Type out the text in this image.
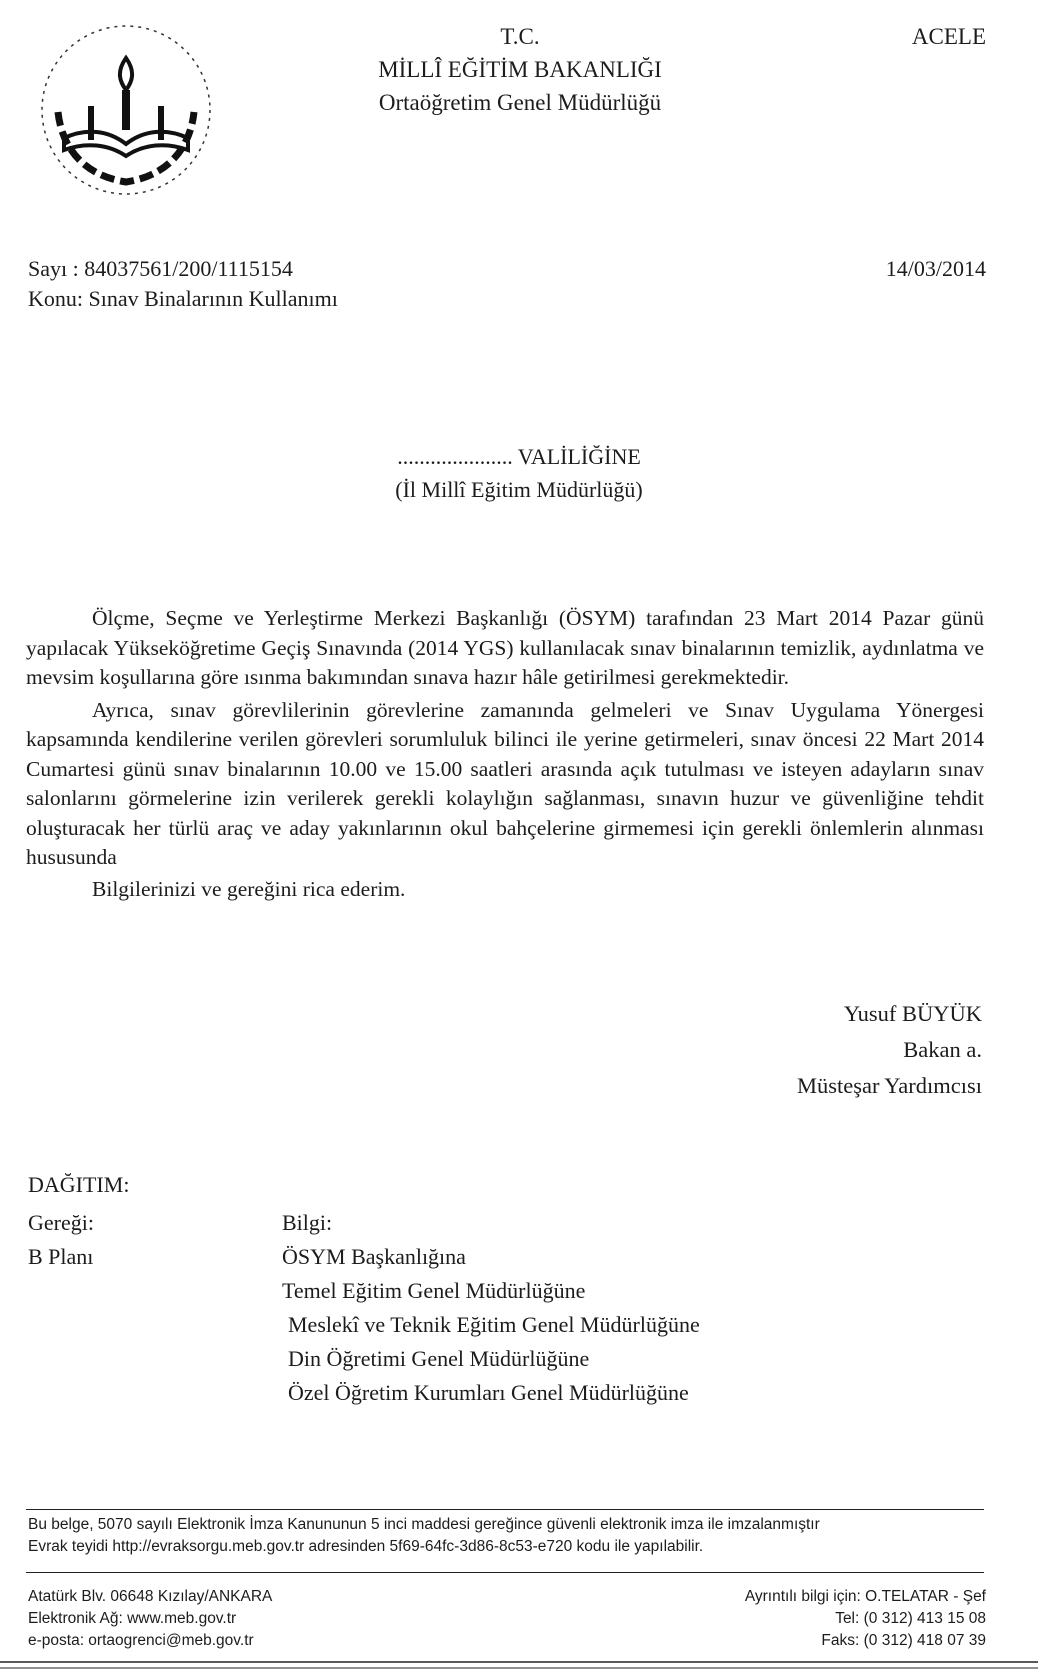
T.C.
MİLLÎ EĞİTİM BAKANLIĞI
Ortaöğretim Genel Müdürlüğü
ACELE
Sayı : 84037561/200/1115154	14/03/2014
Konu: Sınav Binalarının Kullanımı
..................... VALİLİĞİNE
(İl Millî Eğitim Müdürlüğü)

Ölçme, Seçme ve Yerleştirme Merkezi Başkanlığı (ÖSYM) tarafından 23 Mart 2014 Pazar günü yapılacak Yükseköğretime Geçiş Sınavında (2014 YGS) kullanılacak sınav binalarının temizlik, aydınlatma ve mevsim koşullarına göre ısınma bakımından sınava hazır hâle getirilmesi gerekmektedir.

Ayrıca, sınav görevlilerinin görevlerine zamanında gelmeleri ve Sınav Uygulama Yönergesi kapsamında kendilerine verilen görevleri sorumluluk bilinci ile yerine getirmeleri, sınav öncesi 22 Mart 2014 Cumartesi günü sınav binalarının 10.00 ve 15.00 saatleri arasında açık tutulması ve isteyen adayların sınav salonlarını görmelerine izin verilerek gerekli kolaylığın sağlanması, sınavın huzur ve güvenliğine tehdit oluşturacak her türlü araç ve aday yakınlarının okul bahçelerine girmemesi için gerekli önlemlerin alınması hususunda

Bilgilerinizi ve gereğini rica ederim.

Yusuf BÜYÜK
Bakan a.
Müsteşar Yardımcısı
DAĞITIM:
Gereği:
B Planı
Bilgi:
ÖSYM Başkanlığına
Temel Eğitim Genel Müdürlüğüne
Meslekî ve Teknik Eğitim Genel Müdürlüğüne
Din Öğretimi Genel Müdürlüğüne
Özel Öğretim Kurumları Genel Müdürlüğüne
Bu belge, 5070 sayılı Elektronik İmza Kanununun 5 inci maddesi gereğince güvenli elektronik imza ile imzalanmıştır
Evrak teyidi http://evraksorgu.meb.gov.tr adresinden 5f69-64fc-3d86-8c53-e720 kodu ile yapılabilir.
Atatürk Blv. 06648 Kızılay/ANKARA
Elektronik Ağ: www.meb.gov.tr
e-posta: ortaogrenci@meb.gov.tr
Ayrıntılı bilgi için: O.TELATAR - Şef
Tel: (0 312) 413 15 08
Faks: (0 312) 418 07 39
